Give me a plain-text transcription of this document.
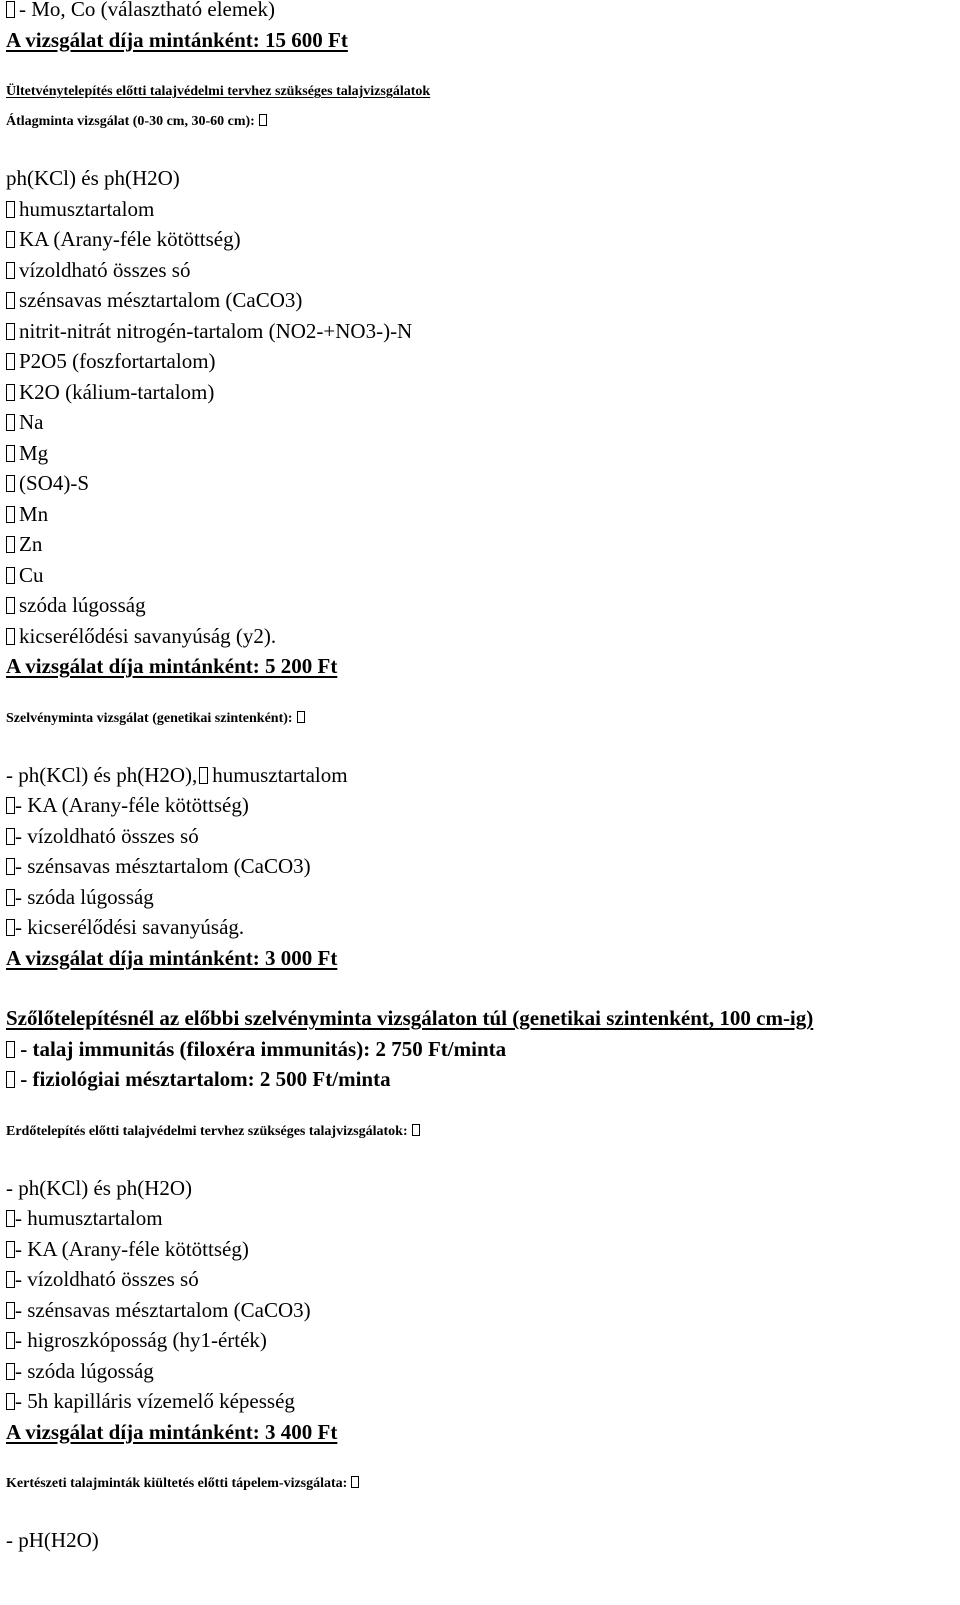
- Mo, Co (választható elemek)
A vizsgálat díja mintánként: 15 600 Ft
Ültetvénytelepítés előtti talajvédelmi tervhez szükséges talajvizsgálatok
Átlagminta vizsgálat (0-30 cm, 30-60 cm):
ph(KCl) és ph(H2O)
humusztartalom
KA (Arany-féle kötöttség)
vízoldható összes só
szénsavas mésztartalom (CaCO3)
nitrit-nitrát nitrogén-tartalom (NO2-+NO3-)-N
P2O5 (foszfortartalom)
K2O (kálium-tartalom)
Na
Mg
(SO4)-S
Mn
Zn
Cu
szóda lúgosság
kicserélődési savanyúság (y2).
A vizsgálat díja mintánként: 5 200 Ft
Szelvényminta vizsgálat (genetikai szintenként):
- ph(KCl) és ph(H2O), humusztartalom
- KA (Arany-féle kötöttség)
- vízoldható összes só
- szénsavas mésztartalom (CaCO3)
- szóda lúgosság
- kicserélődési savanyúság.
A vizsgálat díja mintánként: 3 000 Ft
Szőlőtelepítésnél az előbbi szelvényminta vizsgálaton túl (genetikai szintenként, 100 cm-ig)
- talaj immunitás (filoxéra immunitás): 2 750 Ft/minta
- fiziológiai mésztartalom: 2 500 Ft/minta
Erdőtelepítés előtti talajvédelmi tervhez szükséges talajvizsgálatok:
- ph(KCl) és ph(H2O)
- humusztartalom
- KA (Arany-féle kötöttség)
- vízoldható összes só
- szénsavas mésztartalom (CaCO3)
- higroszkóposság (hy1-érték)
- szóda lúgosság
- 5h kapilláris vízemelő képesség
A vizsgálat díja mintánként: 3 400 Ft
Kertészeti talajminták kiültetés előtti tápelem-vizsgálata:
- pH(H2O)
